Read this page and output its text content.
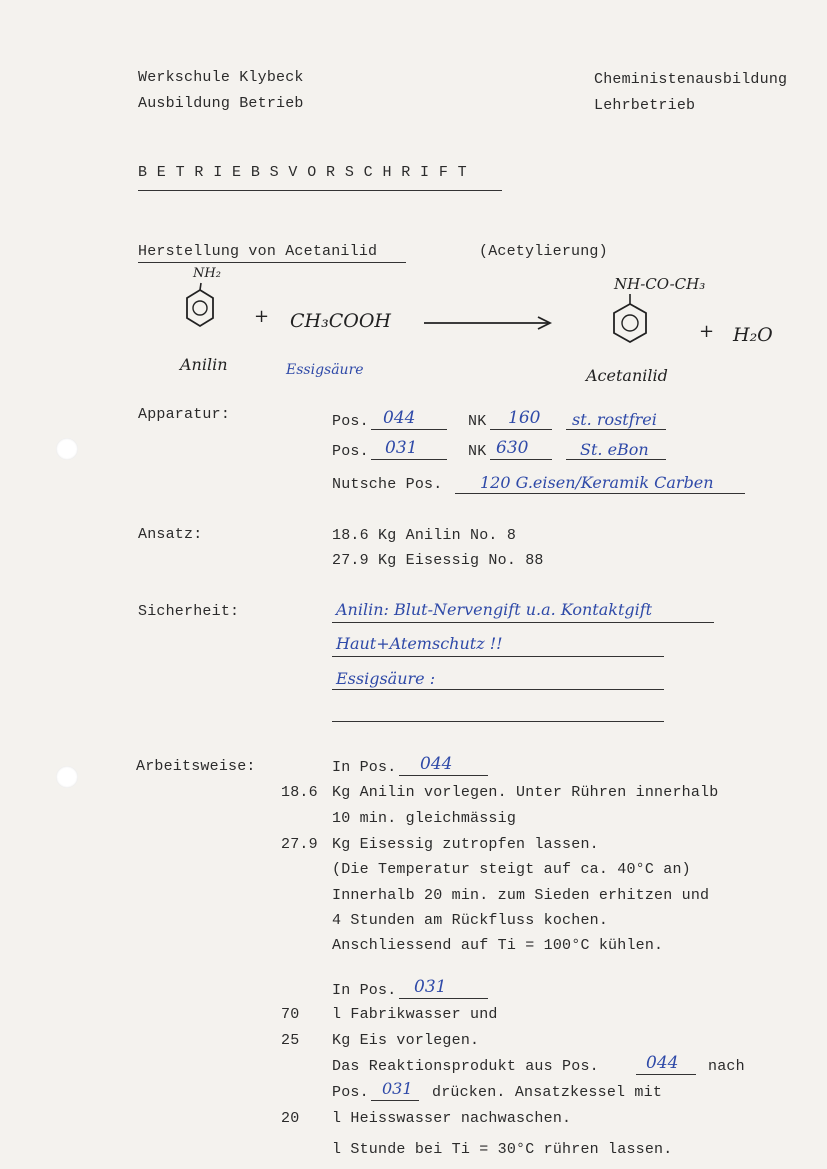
Werkschule Klybeck
Ausbildung Betrieb
Cheministenausbildung
Lehrbetrieb
B E T R I E B S V O R S C H R I F T
Herstellung von Acetanilid	(Acetylierung)
NH₂
+ CH₃COOH
Anilin	Essigsäure
NH-CO-CH₃
+ H₂O
Acetanilid
Apparatur:	Pos. 044	NK 160 st. rostfrei
Pos. 031	NK 630	St. eBon
Nutsche Pos. 120 G.eisen/Keramik Carben
Ansatz:	18.6 Kg Anilin No. 8
27.9 Kg Eisessig No. 88
Sicherheit:	Anilin: Blut-Nervengift u.a. Kontaktgift
Haut+Atemschutz !!
Essigsäure :
Arbeitsweise:	In Pos. 044
18.6 Kg Anilin vorlegen. Unter Rühren innerhalb
10 min. gleichmässig
27.9 Kg Eisessig zutropfen lassen.
(Die Temperatur steigt auf ca. 40°C an)
Innerhalb 20 min. zum Sieden erhitzen und
4 Stunden am Rückfluss kochen.
Anschliessend auf Ti = 100°C kühlen.
In Pos. 031
70 l Fabrikwasser und
25 Kg Eis vorlegen.
Das Reaktionsprodukt aus Pos.	044 nach
Pos. 031 drücken. Ansatzkessel mit
20 l Heisswasser nachwaschen.
l Stunde bei Ti = 30°C rühren lassen.
